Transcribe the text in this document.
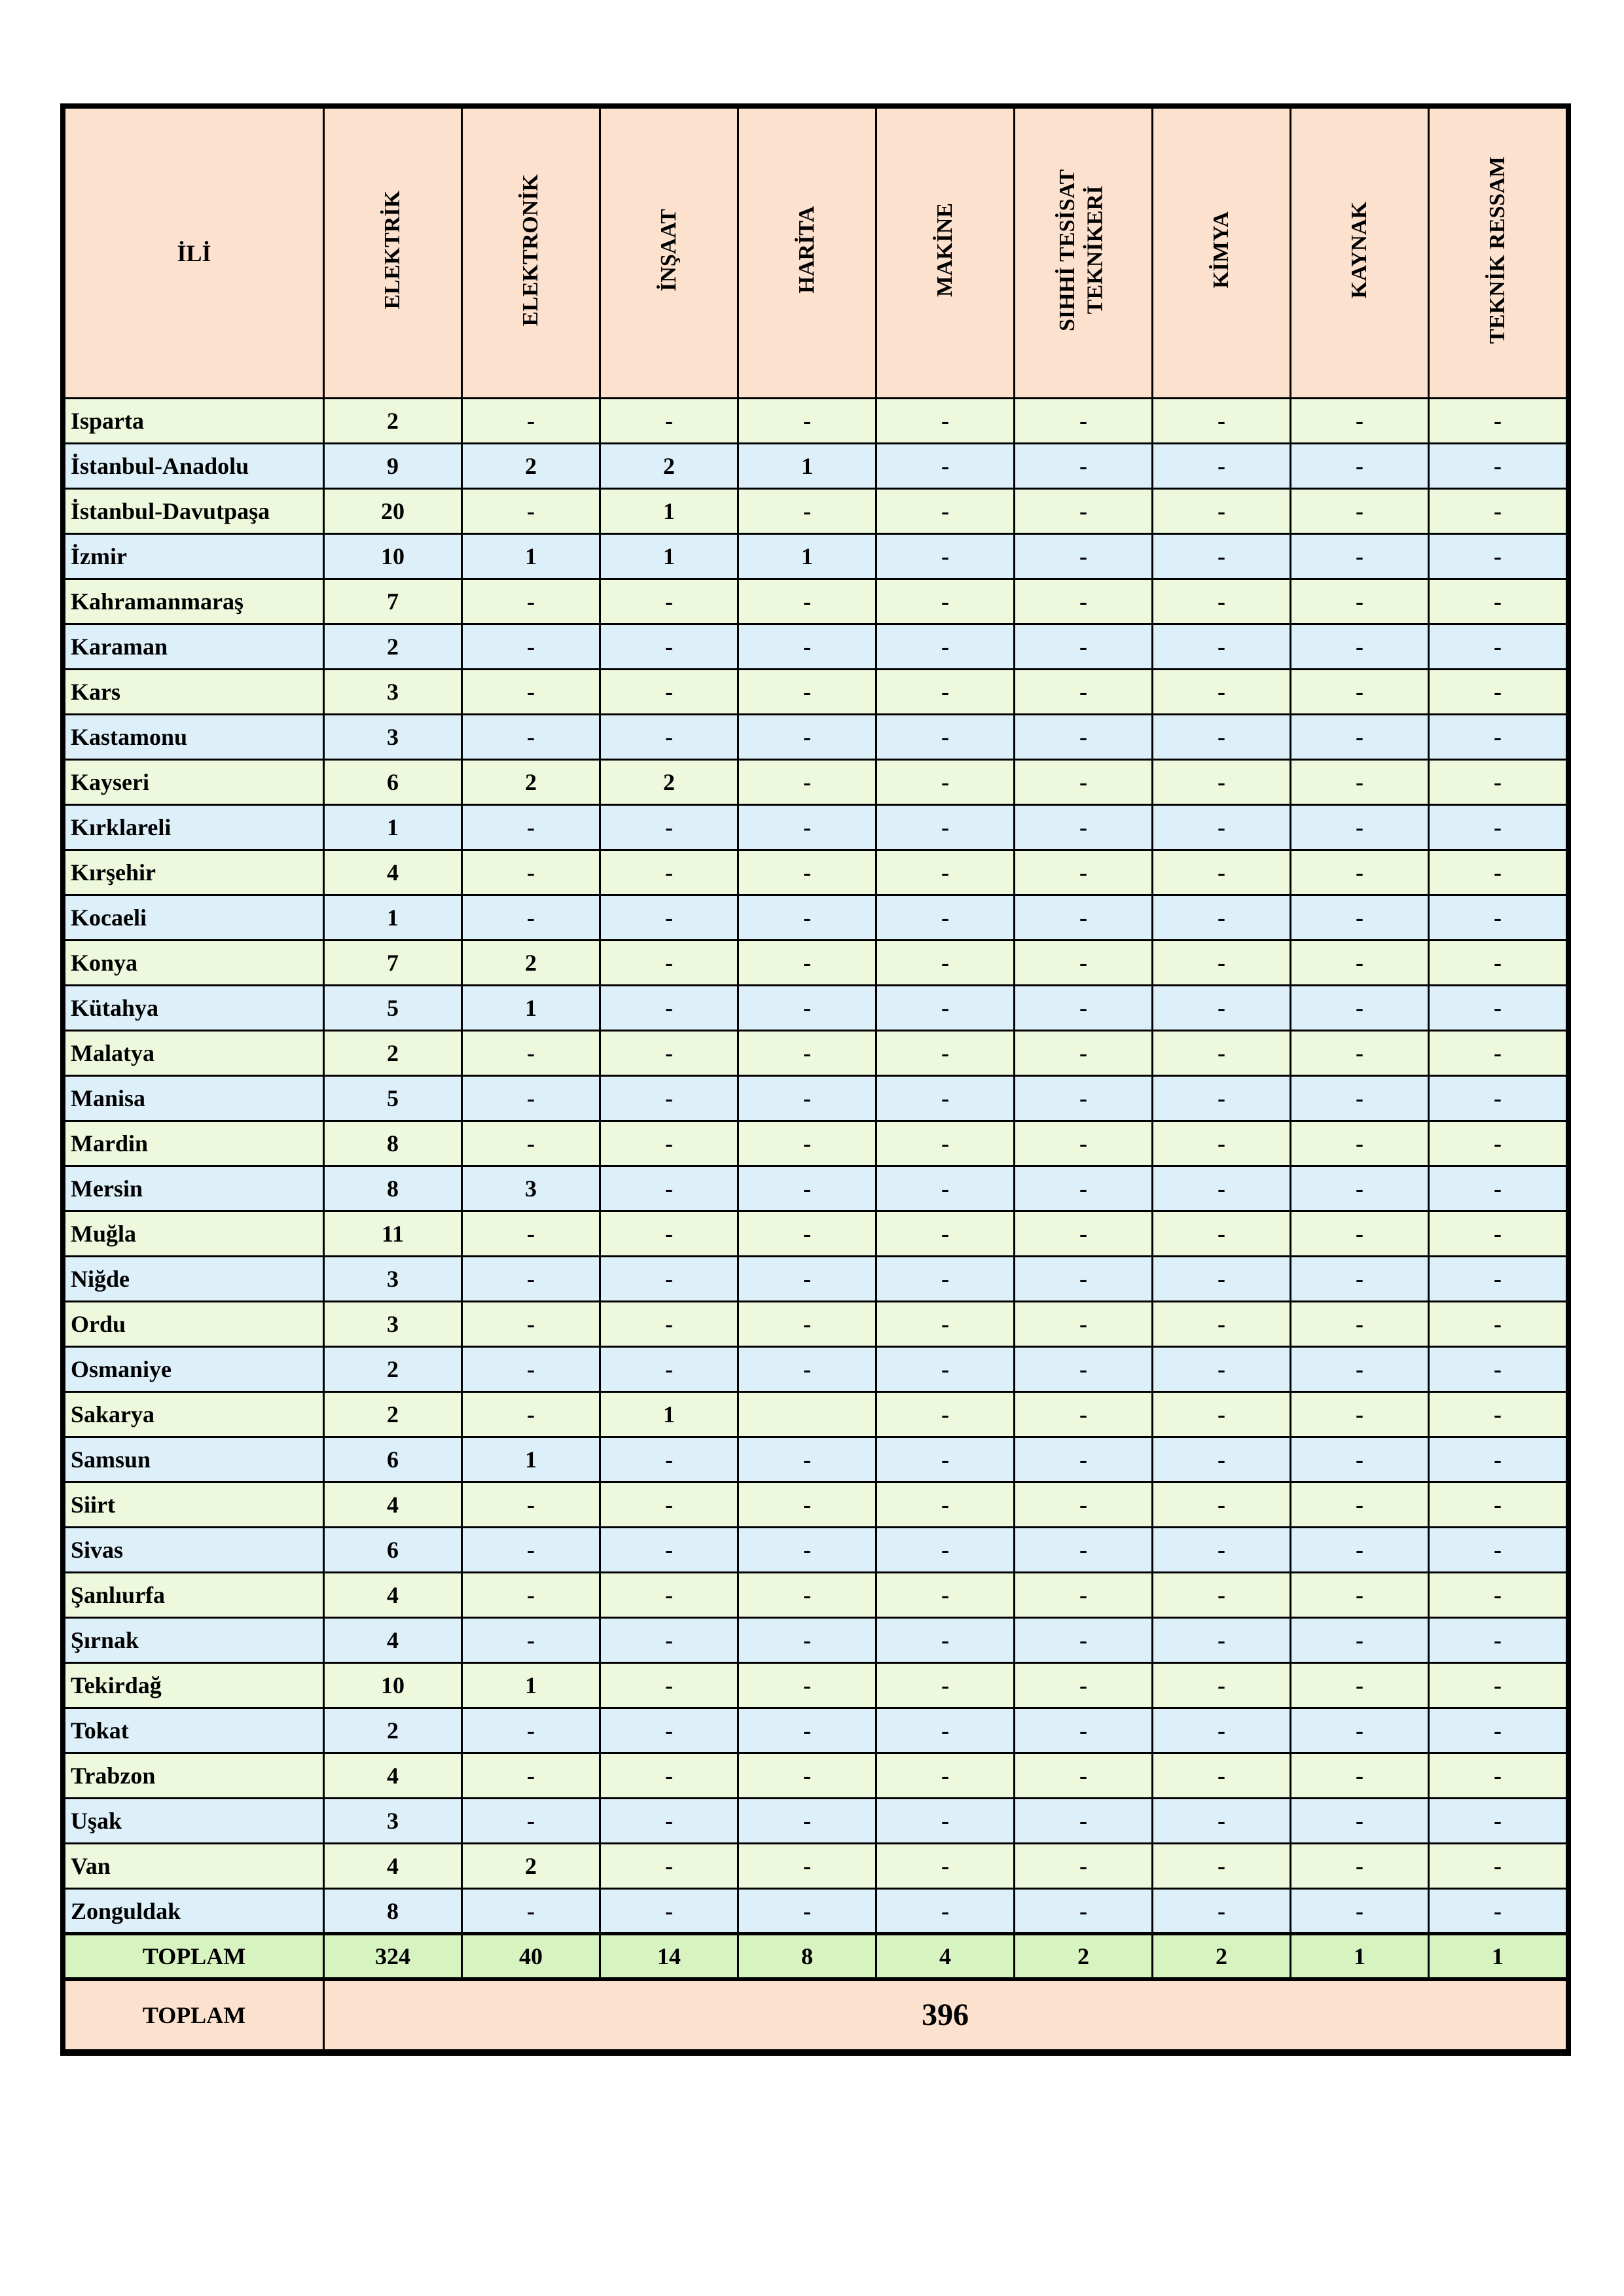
İLİ	ELEKTRİK	ELEKTRONİK	İNŞAAT	HARİTA	MAKİNE	SIHHİ TESİSAT TEKNİKERİ	KİMYA	KAYNAK	TEKNİK RESSAM
Isparta	2	-	-	-	-	-	-	-	-
İstanbul-Anadolu	9	2	2	1	-	-	-	-	-
İstanbul-Davutpaşa	20	-	1	-	-	-	-	-	-
İzmir	10	1	1	1	-	-	-	-	-
Kahramanmaraş	7	-	-	-	-	-	-	-	-
Karaman	2	-	-	-	-	-	-	-	-
Kars	3	-	-	-	-	-	-	-	-
Kastamonu	3	-	-	-	-	-	-	-	-
Kayseri	6	2	2	-	-	-	-	-	-
Kırklareli	1	-	-	-	-	-	-	-	-
Kırşehir	4	-	-	-	-	-	-	-	-
Kocaeli	1	-	-	-	-	-	-	-	-
Konya	7	2	-	-	-	-	-	-	-
Kütahya	5	1	-	-	-	-	-	-	-
Malatya	2	-	-	-	-	-	-	-	-
Manisa	5	-	-	-	-	-	-	-	-
Mardin	8	-	-	-	-	-	-	-	-
Mersin	8	3	-	-	-	-	-	-	-
Muğla	11	-	-	-	-	-	-	-	-
Niğde	3	-	-	-	-	-	-	-	-
Ordu	3	-	-	-	-	-	-	-	-
Osmaniye	2	-	-	-	-	-	-	-	-
Sakarya	2	-	1		-	-	-	-	-
Samsun	6	1	-	-	-	-	-	-	-
Siirt	4	-	-	-	-	-	-	-	-
Sivas	6	-	-	-	-	-	-	-	-
Şanlıurfa	4	-	-	-	-	-	-	-	-
Şırnak	4	-	-	-	-	-	-	-	-
Tekirdağ	10	1	-	-	-	-	-	-	-
Tokat	2	-	-	-	-	-	-	-	-
Trabzon	4	-	-	-	-	-	-	-	-
Uşak	3	-	-	-	-	-	-	-	-
Van	4	2	-	-	-	-	-	-	-
Zonguldak	8	-	-	-	-	-	-	-	-
TOPLAM	324	40	14	8	4	2	2	1	1
TOPLAM	396								
